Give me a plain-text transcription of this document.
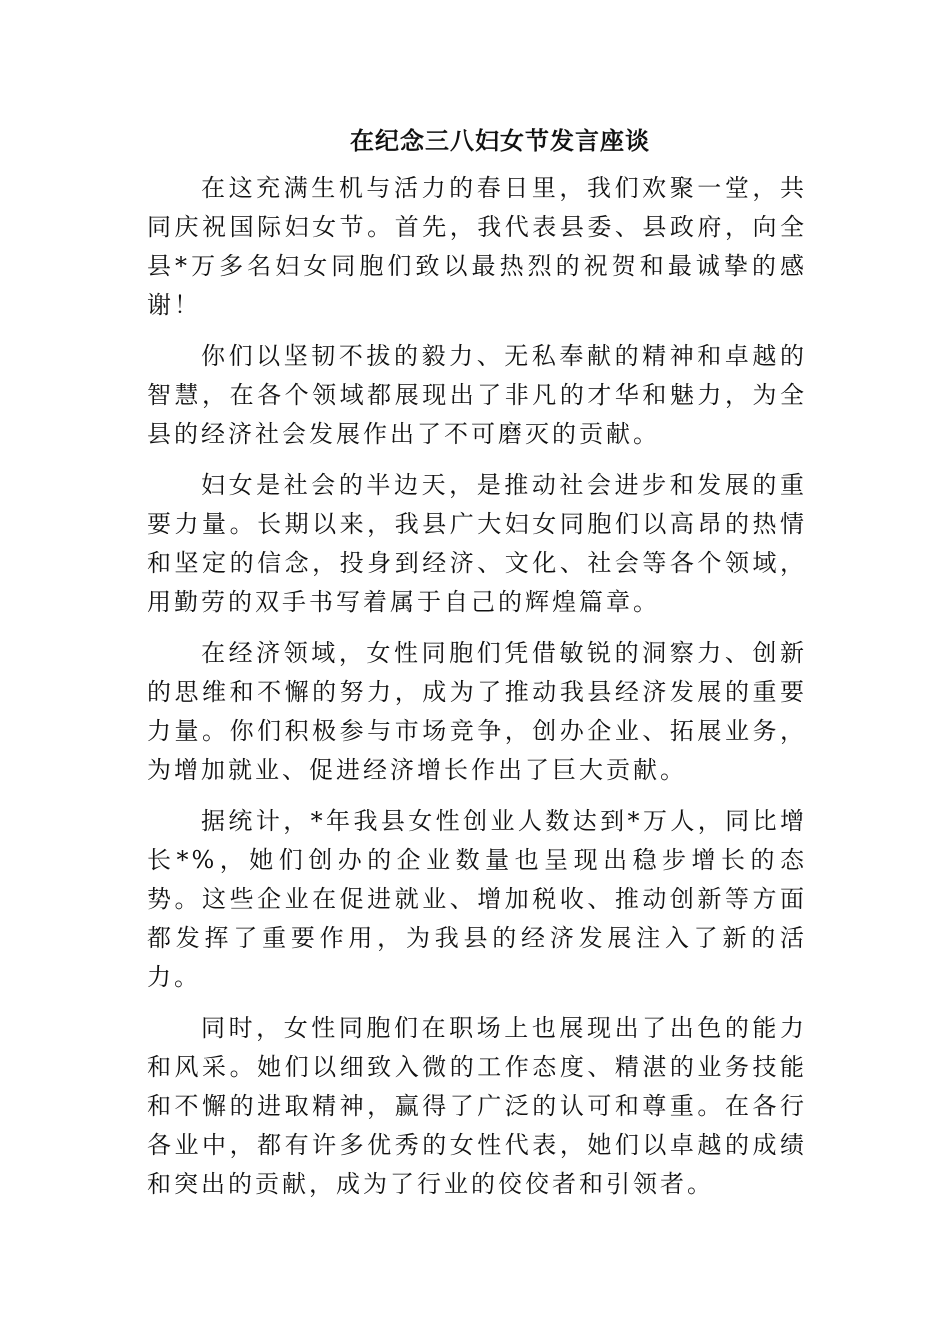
在纪念三八妇女节发言座谈

在这充满生机与活力的春日里，我们欢聚一堂，共同庆祝国际妇女节。首先，我代表县委、县政府，向全县*万多名妇女同胞们致以最热烈的祝贺和最诚挚的感谢！

你们以坚韧不拔的毅力、无私奉献的精神和卓越的智慧，在各个领域都展现出了非凡的才华和魅力，为全县的经济社会发展作出了不可磨灭的贡献。

妇女是社会的半边天，是推动社会进步和发展的重要力量。长期以来，我县广大妇女同胞们以高昂的热情和坚定的信念，投身到经济、文化、社会等各个领域，用勤劳的双手书写着属于自己的辉煌篇章。

在经济领域，女性同胞们凭借敏锐的洞察力、创新的思维和不懈的努力，成为了推动我县经济发展的重要力量。你们积极参与市场竞争，创办企业、拓展业务，为增加就业、促进经济增长作出了巨大贡献。

据统计，*年我县女性创业人数达到*万人，同比增长*%，她们创办的企业数量也呈现出稳步增长的态势。这些企业在促进就业、增加税收、推动创新等方面都发挥了重要作用，为我县的经济发展注入了新的活力。

同时，女性同胞们在职场上也展现出了出色的能力和风采。她们以细致入微的工作态度、精湛的业务技能和不懈的进取精神，赢得了广泛的认可和尊重。在各行各业中，都有许多优秀的女性代表，她们以卓越的成绩和突出的贡献，成为了行业的佼佼者和引领者。
